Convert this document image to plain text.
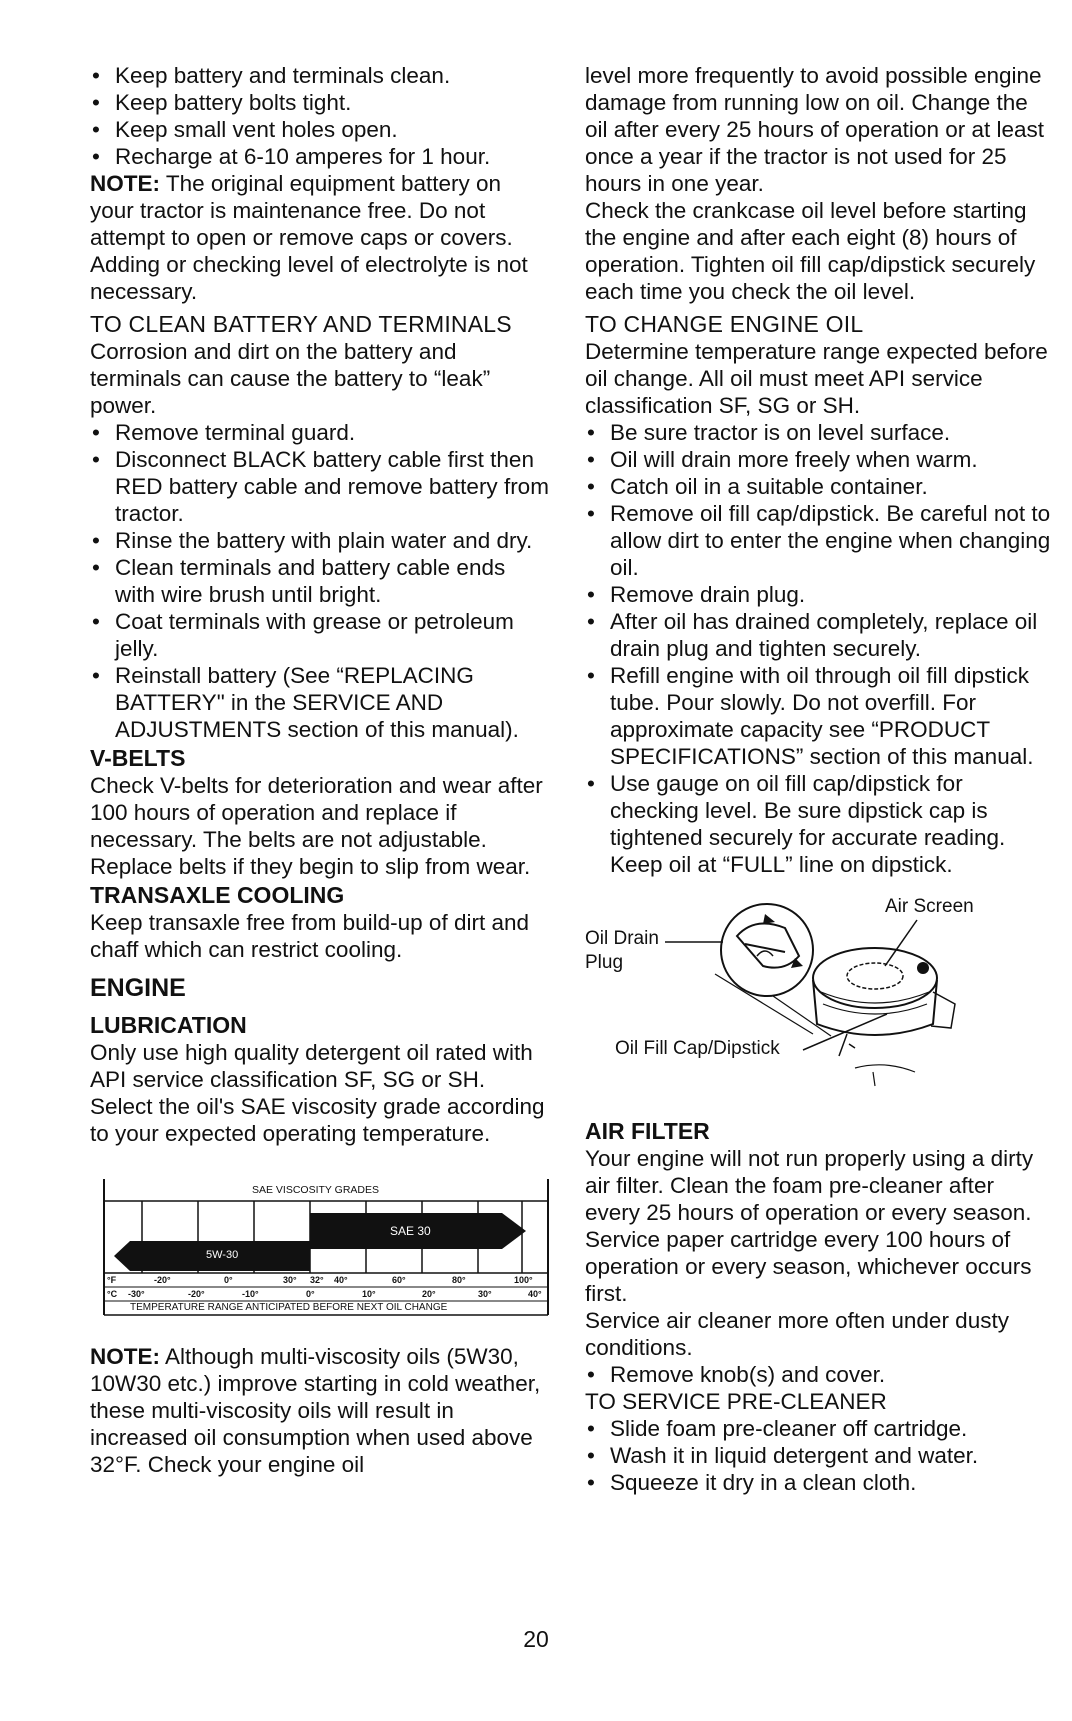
• Keep battery and terminals clean.
• Keep battery bolts tight.
• Keep small vent holes open.
• Recharge at 6-10 amperes for 1 hour.

NOTE: The original equipment battery on your tractor is maintenance free. Do not attempt to open or remove caps or covers. Adding or checking level of electrolyte is not necessary.

TO CLEAN BATTERY AND TERMINALS

Corrosion and dirt on the battery and terminals can cause the battery to “leak” power.

• Remove terminal guard.
• Disconnect BLACK battery cable first then RED battery cable and remove battery from tractor.
• Rinse the battery with plain water and dry.
• Clean terminals and battery cable ends with wire brush until bright.
• Coat terminals with grease or petroleum jelly.
• Reinstall battery (See “REPLACING BATTERY" in the SERVICE AND ADJUSTMENTS section of this manual).

V-BELTS

Check V-belts for deterioration and wear after 100 hours of operation and replace if necessary. The belts are not adjustable. Replace belts if they begin to slip from wear.

TRANSAXLE COOLING

Keep transaxle free from build-up of dirt and chaff which can restrict cooling.

ENGINE

LUBRICATION

Only use high quality detergent oil rated with API service classification SF, SG or SH. Select the oil's SAE viscosity grade according to your expected operating temperature.

SAE VISCOSITY GRADES
SAE 30
5W-30
°F	-20°	0°	30° 32° 40°	60°	80°	100°
°C -30°	-20°	-10°	0°	10°	20°	30°	40°
TEMPERATURE RANGE ANTICIPATED BEFORE NEXT OIL CHANGE

NOTE: Although multi-viscosity oils (5W30, 10W30 etc.) improve starting in cold weather, these multi-viscosity oils will result in increased oil consumption when used above 32°F. Check your engine oil

level more frequently to avoid possible engine damage from running low on oil. Change the oil after every 25 hours of operation or at least once a year if the tractor is not used for 25 hours in one year.

Check the crankcase oil level before starting the engine and after each eight (8) hours of operation. Tighten oil fill cap/dipstick securely each time you check the oil level.

TO CHANGE ENGINE OIL

Determine temperature range expected before oil change. All oil must meet API service classification SF, SG or SH.

• Be sure tractor is on level surface.
• Oil will drain more freely when warm.
• Catch oil in a suitable container.
• Remove oil fill cap/dipstick. Be careful not to allow dirt to enter the engine when changing oil.
• Remove drain plug.
• After oil has drained completely, replace oil drain plug and tighten securely.
• Refill engine with oil through oil fill dipstick tube. Pour slowly. Do not overfill. For approximate capacity see “PRODUCT SPECIFICATIONS” section of this manual.
• Use gauge on oil fill cap/dipstick for checking level. Be sure dipstick cap is tightened securely for accurate reading. Keep oil at “FULL” line on dipstick.
Air Screen
Oil Drain
Plug
Oil Fill Cap/Dipstick

AIR FILTER

Your engine will not run properly using a dirty air filter. Clean the foam pre-cleaner after every 25 hours of operation or every season. Service paper cartridge every 100 hours of operation or every season, whichever occurs first.

Service air cleaner more often under dusty conditions.

• Remove knob(s) and cover.

TO SERVICE PRE-CLEANER

• Slide foam pre-cleaner off cartridge.
• Wash it in liquid detergent and water.
• Squeeze it dry in a clean cloth.
20
